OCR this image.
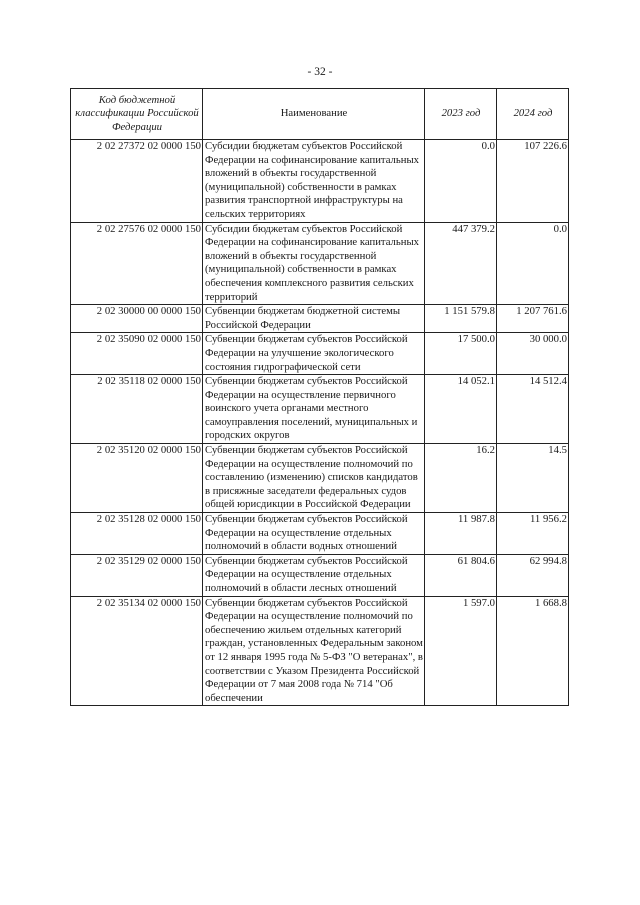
- 32 -
Код бюджетной классификации Российской Федерации	Наименование	2023 год	2024 год
2 02 27372 02 0000 150	Субсидии бюджетам субъектов Российской Федерации на софинансирование капитальных вложений в объекты государственной (муниципальной) собственности в рамках развития транспортной инфраструктуры на сельских территориях	0.0	107 226.6
2 02 27576 02 0000 150	Субсидии бюджетам субъектов Российской Федерации на софинансирование капитальных вложений в объекты государственной (муниципальной) собственности в рамках обеспечения комплексного развития сельских территорий	447 379.2	0.0
2 02 30000 00 0000 150	Субвенции бюджетам бюджетной системы Российской Федерации	1 151 579.8	1 207 761.6
2 02 35090 02 0000 150	Субвенции бюджетам субъектов Российской Федерации на улучшение экологического состояния гидрографической сети	17 500.0	30 000.0
2 02 35118 02 0000 150	Субвенции бюджетам субъектов Российской Федерации на осуществление первичного воинского учета органами местного самоуправления поселений, муниципальных и городских округов	14 052.1	14 512.4
2 02 35120 02 0000 150	Субвенции бюджетам субъектов Российской Федерации на осуществление полномочий по составлению (изменению) списков кандидатов в присяжные заседатели федеральных судов общей юрисдикции в Российской Федерации	16.2	14.5
2 02 35128 02 0000 150	Субвенции бюджетам субъектов Российской Федерации на осуществление отдельных полномочий в области водных отношений	11 987.8	11 956.2
2 02 35129 02 0000 150	Субвенции бюджетам субъектов Российской Федерации на осуществление отдельных полномочий в области лесных отношений	61 804.6	62 994.8
2 02 35134 02 0000 150	Субвенции бюджетам субъектов Российской Федерации на осуществление полномочий по обеспечению жильем отдельных категорий граждан, установленных Федеральным законом от 12 января 1995 года № 5-ФЗ "О ветеранах", в соответствии с Указом Президента Российской Федерации от 7 мая 2008 года № 714 "Об обеспечении	1 597.0	1 668.8
